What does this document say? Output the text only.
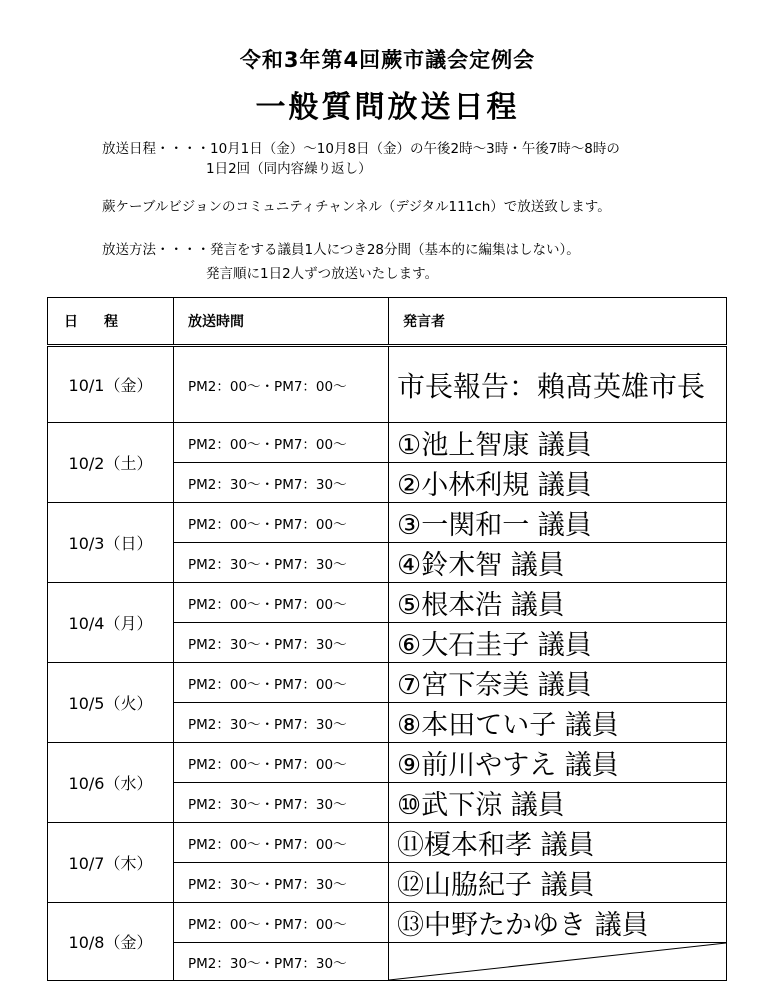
令和3年第4回蕨市議会定例会
一般質問放送日程
放送日程・・・・10月1日（金）～10月8日（金）の午後2時～3時・午後7時～8時の
1日2回（同内容繰り返し）
蕨ケーブルビジョンのコミュニティチャンネル（デジタル111ch）で放送致します。
放送方法・・・・発言をする議員1人につき28分間（基本的に編集はしない）。
発言順に1日2人ずつ放送いたします。
日　程	放送時間	発言者
10/1（金）	PM2：00～・PM7：00～	市長報告：賴髙英雄市長
10/2（土）	PM2：00～・PM7：00～	①池上智康 議員
	PM2：30～・PM7：30～	②小林利規 議員
10/3（日）	PM2：00～・PM7：00～	③一関和一 議員
	PM2：30～・PM7：30～	④鈴木智 議員
10/4（月）	PM2：00～・PM7：00～	⑤根本浩 議員
	PM2：30～・PM7：30～	⑥大石圭子 議員
10/5（火）	PM2：00～・PM7：00～	⑦宮下奈美 議員
	PM2：30～・PM7：30～	⑧本田てい子 議員
10/6（水）	PM2：00～・PM7：00～	⑨前川やすえ 議員
	PM2：30～・PM7：30～	⑩武下涼 議員
10/7（木）	PM2：00～・PM7：00～	⑪榎本和孝 議員
	PM2：30～・PM7：30～	⑫山脇紀子 議員
10/8（金）	PM2：00～・PM7：00～	⑬中野たかゆき 議員
	PM2：30～・PM7：30～	
